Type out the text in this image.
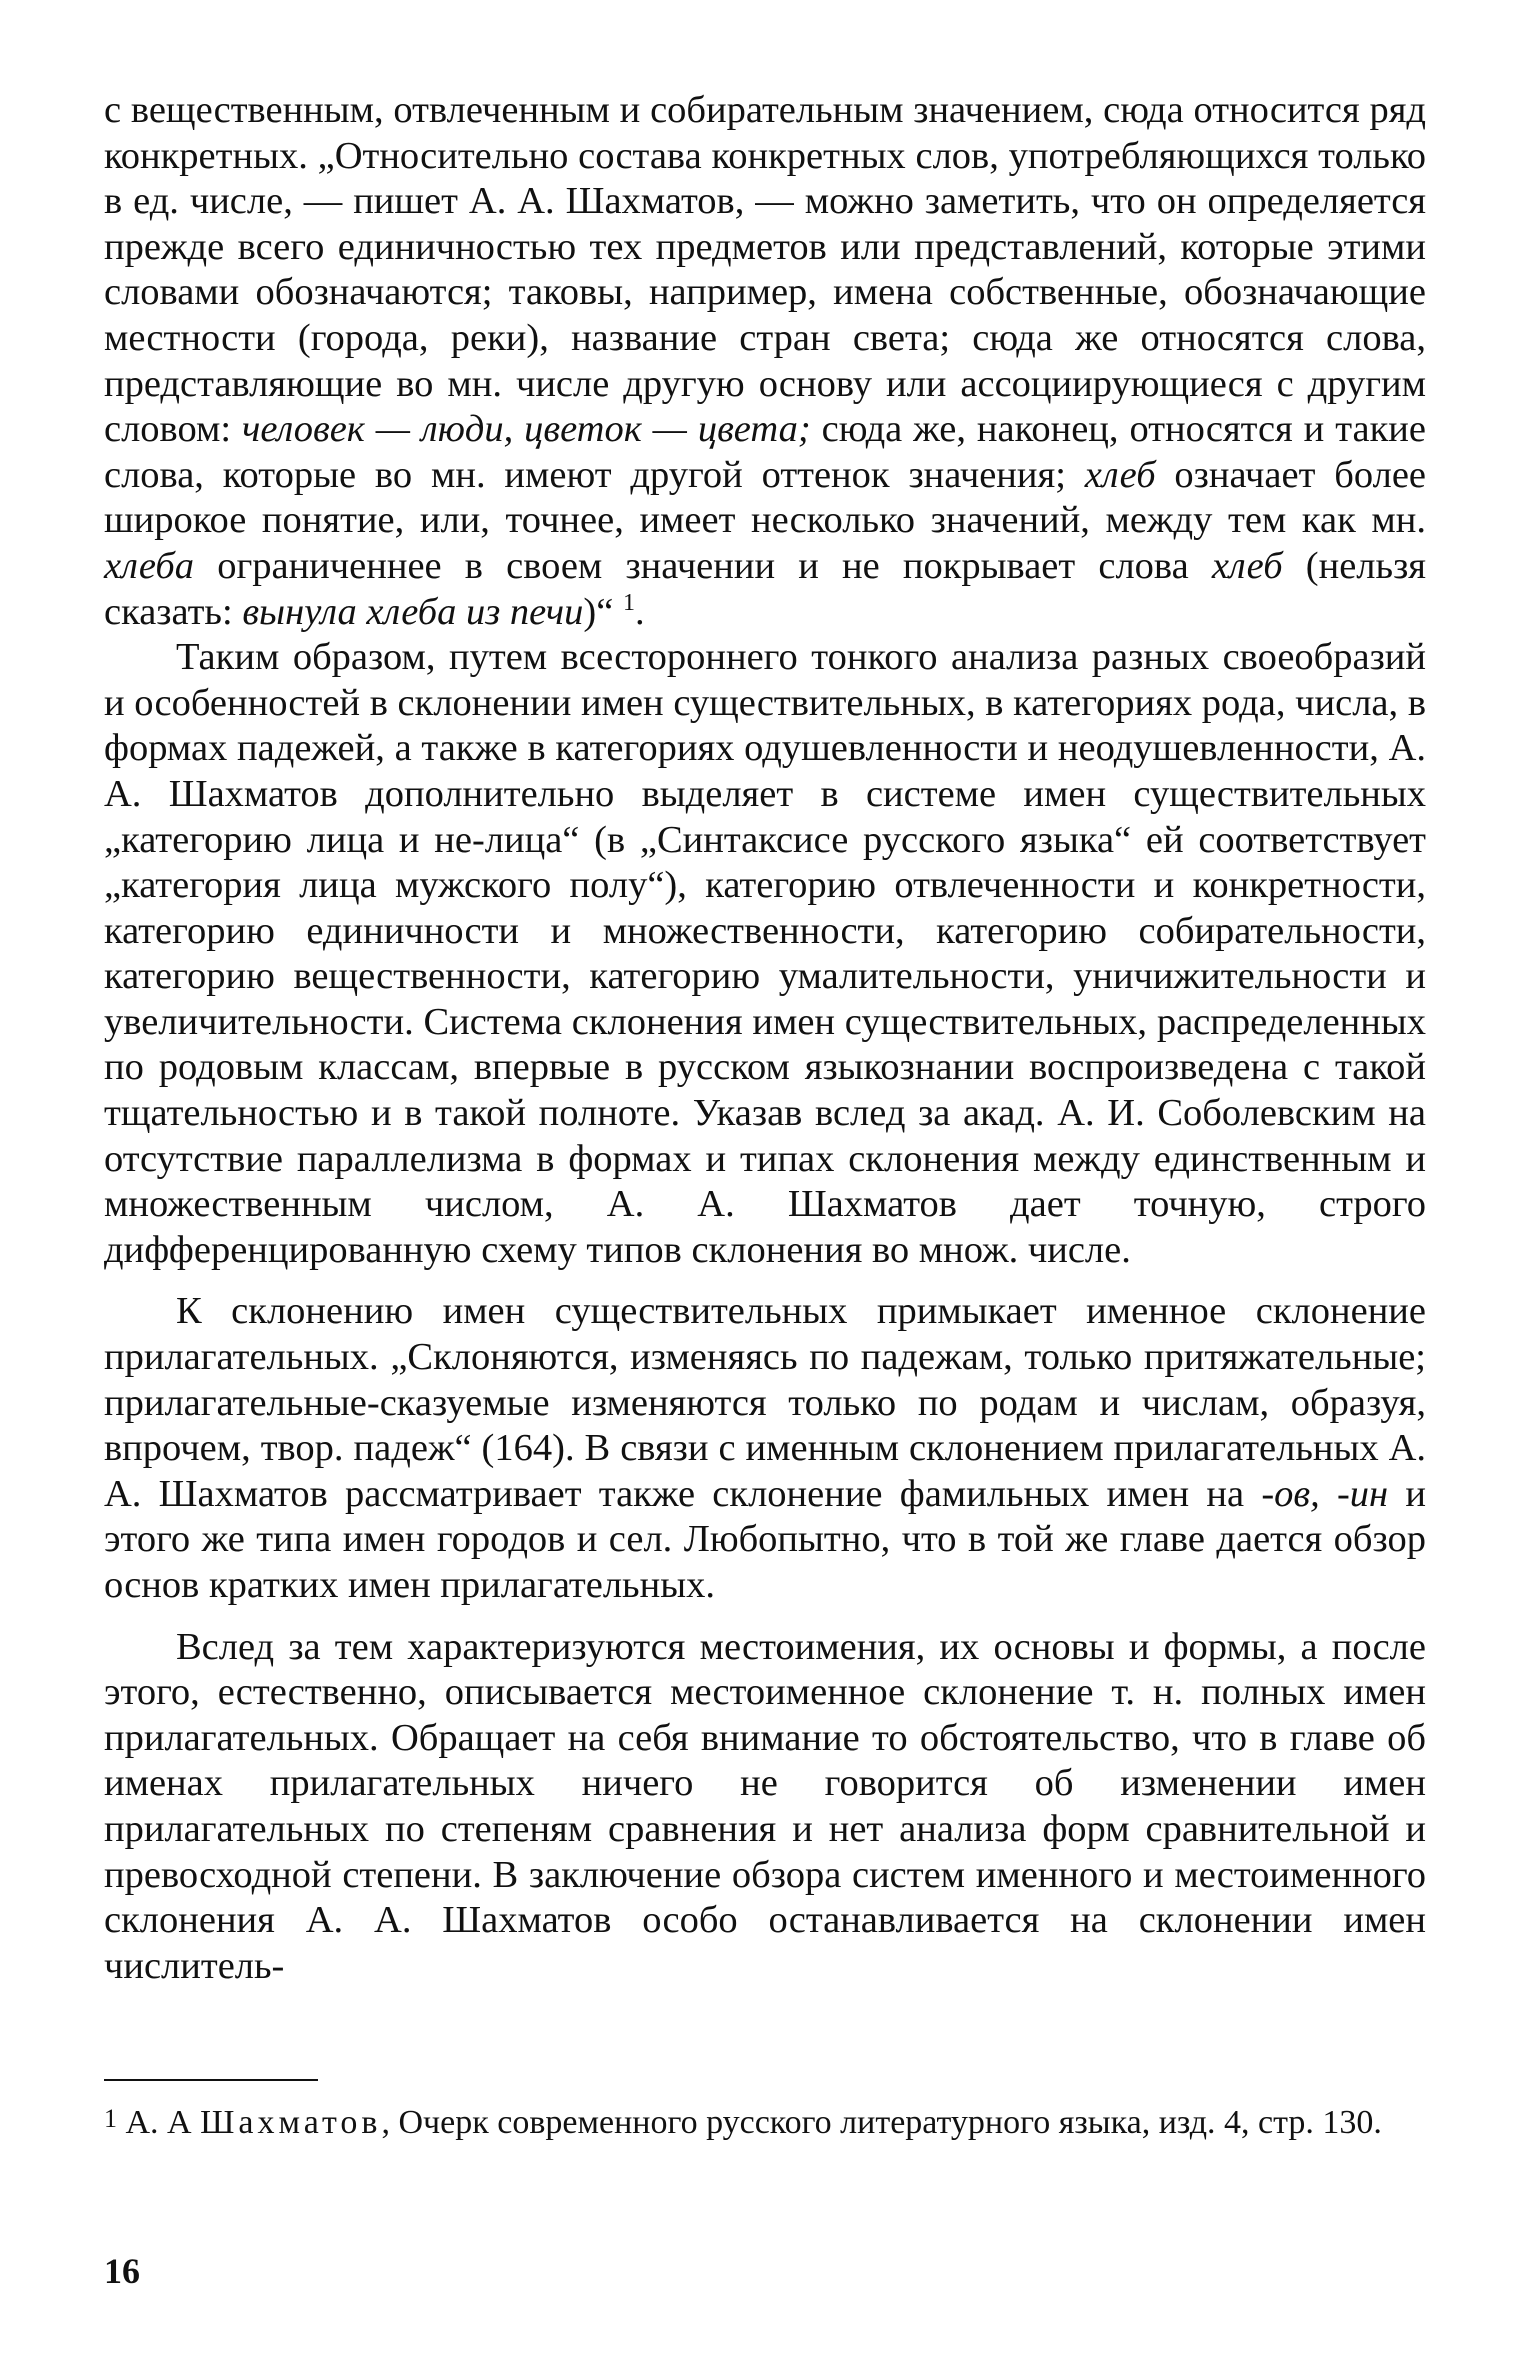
с вещественным, отвлеченным и собирательным значением, сюда относится ряд конкретных. „Относительно состава конкретных слов, употребляющихся только в ед. числе, — пишет А. А. Шахматов, — можно заметить, что он определяется прежде всего единичностью тех предметов или представлений, которые этими словами обозначаются; таковы, например, имена собственные, обозначающие местности (города, реки), название стран света; сюда же относятся слова, представляющие во мн. числе другую основу или ассоциирующиеся с другим словом: человек — люди, цветок — цвета; сюда же, наконец, относятся и такие слова, которые во мн. имеют другой оттенок значения; хлеб означает более широкое понятие, или, точнее, имеет несколько значений, между тем как мн. хлеба ограниченнее в своем значении и не покрывает слова хлеб (нельзя сказать: вынула хлеба из печи)“ $^1$.

Таким образом, путем всестороннего тонкого анализа разных своеобразий и особенностей в склонении имен существительных, в категориях рода, числа, в формах падежей, а также в категориях одушевленности и неодушевленности, А. А. Шахматов дополнительно выделяет в системе имен существительных „категорию лица и не-лица“ (в „Синтаксисе русского языка“ ей соответствует „категория лица мужского полу“), категорию отвлеченности и конкретности, категорию единичности и множественности, категорию собирательности, категорию вещественности, категорию умалительности, уничижительности и увеличительности. Система склонения имен существительных, распределенных по родовым классам, впервые в русском языкознании воспроизведена с такой тщательностью и в такой полноте. Указав вслед за акад. А. И. Соболевским на отсутствие параллелизма в формах и типах склонения между единственным и множественным числом, А. А. Шахматов дает точную, строго дифференцированную схему типов склонения во множ. числе.

К склонению имен существительных примыкает именное склонение прилагательных. „Склоняются, изменяясь по падежам, только притяжательные; прилагательные-сказуемые изменяются только по родам и числам, образуя, впрочем, твор. падеж“ (164). В связи с именным склонением прилагательных А. А. Шахматов рассматривает также склонение фамильных имен на -ов, -ин и этого же типа имен городов и сел. Любопытно, что в той же главе дается обзор основ кратких имен прилагательных.

Вслед за тем характеризуются местоимения, их основы и формы, а после этого, естественно, описывается местоименное склонение т. н. полных имен прилагательных. Обращает на себя внимание то обстоятельство, что в главе об именах прилагательных ничего не говорится об изменении имен прилагательных по степеням сравнения и нет анализа форм сравнительной и превосходной степени. В заключение обзора систем именного и местоименного склонения А. А. Шахматов особо останавливается на склонении имен числитель-

1 А. А Шахматов, Очерк современного русского литературного языка, изд. 4, стр. 130.

16
